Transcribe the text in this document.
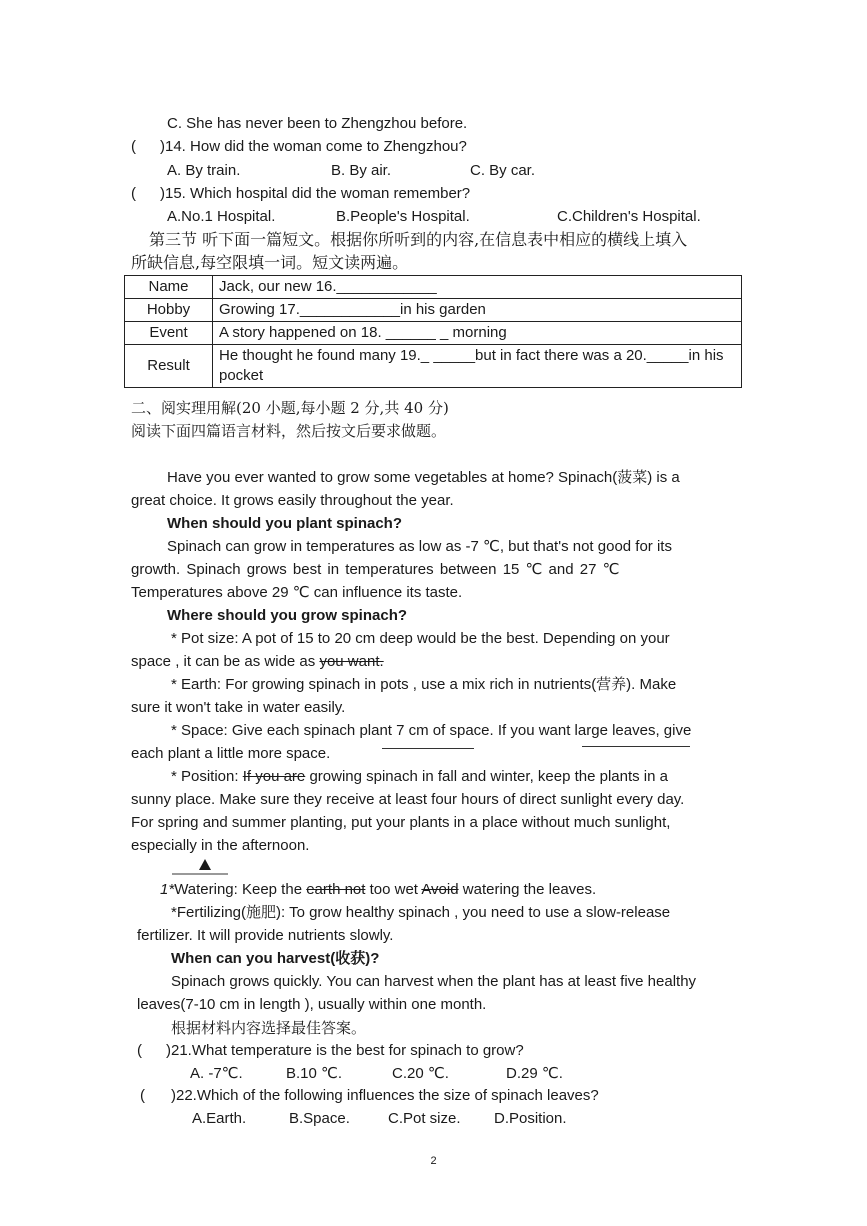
C. She has never been to Zhengzhou before.
( )14. How did the woman come to Zhengzhou?
A. By train.	B. By air.	C. By car.
( )15. Which hospital did the woman remember?
A.No.1 Hospital.	B.People's Hospital.	C.Children's Hospital.
第三节 听下面一篇短文。根据你所听到的内容,在信息表中相应的横线上填入
所缺信息,每空限填一词。短文读两遍。
Name	Jack, our new 16.____________
Hobby	Growing 17.____________in his garden
Event	A story happened on 18. ______ _ morning
Result	He thought he found many 19._ _____but in fact there was a 20._____in his pocket
二、阅实理用解(20 小题,每小题 2 分,共 40 分)
阅读下面四篇语言材料，然后按文后要求做题。
Have you ever wanted to grow some vegetables at home? Spinach(菠菜) is a
great choice. It grows easily throughout the year.
When should you plant spinach?
Spinach can grow in temperatures as low as -7 ℃, but that's not good for its
growth. Spinach grows best in temperatures between 15 ℃ and 27 ℃
Temperatures above 29 ℃ can influence its taste.
Where should you grow spinach?
* Pot size: A pot of 15 to 20 cm deep would be the best. Depending on your
space , it can be as wide as you want.
* Earth: For growing spinach in pots , use a mix rich in nutrients(营养). Make
sure it won't take in water easily.
* Space: Give each spinach plant 7 cm of space. If you want large leaves, give
each plant a little more space.
* Position: If you are growing spinach in fall and winter, keep the plants in a
sunny place. Make sure they receive at least four hours of direct sunlight every day.
For spring and summer planting, put your plants in a place without much sunlight,
especially in the afternoon.
1*Watering: Keep the earth not too wet Avoid watering the leaves.
*Fertilizing(施肥): To grow healthy spinach , you need to use a slow-release
fertilizer. It will provide nutrients slowly.
When can you harvest(收获)?
Spinach grows quickly. You can harvest when the plant has at least five healthy
leaves(7-10 cm in length ), usually within one month.
根据材料内容选择最佳答案。
( )21.What temperature is the best for spinach to grow?
A. -7℃.	B.10 ℃.	C.20 ℃.	D.29 ℃.
( )22.Which of the following influences the size of spinach leaves?
A.Earth.	B.Space.	C.Pot size. D.Position.
2
